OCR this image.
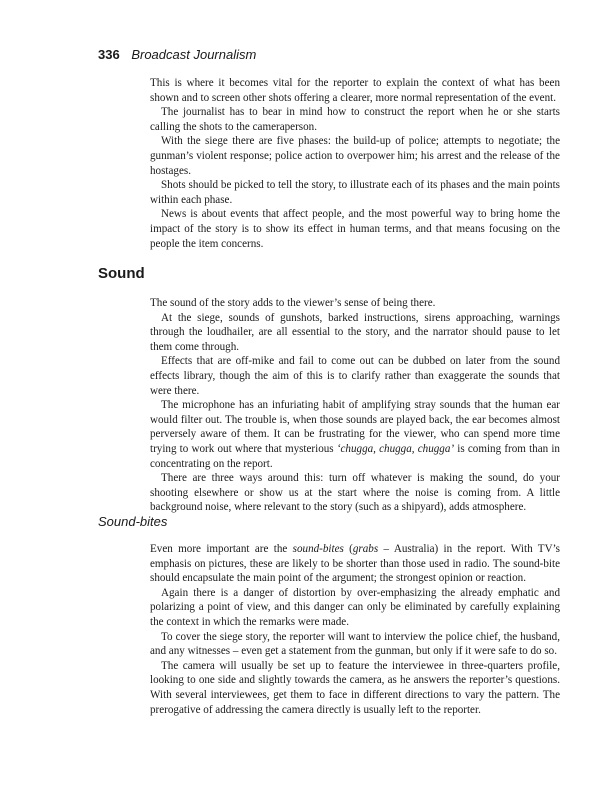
336 Broadcast Journalism

This is where it becomes vital for the reporter to explain the context of what has been shown and to screen other shots offering a clearer, more normal representation of the event.

The journalist has to bear in mind how to construct the report when he or she starts calling the shots to the cameraperson.

With the siege there are five phases: the build-up of police; attempts to negotiate; the gunman’s violent response; police action to overpower him; his arrest and the release of the hostages.

Shots should be picked to tell the story, to illustrate each of its phases and the main points within each phase.

News is about events that affect people, and the most powerful way to bring home the impact of the story is to show its effect in human terms, and that means focusing on the people the item concerns.

Sound

The sound of the story adds to the viewer’s sense of being there.

At the siege, sounds of gunshots, barked instructions, sirens approaching, warnings through the loudhailer, are all essential to the story, and the narrator should pause to let them come through.

Effects that are off-mike and fail to come out can be dubbed on later from the sound effects library, though the aim of this is to clarify rather than exaggerate the sounds that were there.

The microphone has an infuriating habit of amplifying stray sounds that the human ear would filter out. The trouble is, when those sounds are played back, the ear becomes almost perversely aware of them. It can be frustrating for the viewer, who can spend more time trying to work out where that mysterious ‘chugga, chugga, chugga’ is coming from than in concentrating on the report.

There are three ways around this: turn off whatever is making the sound, do your shooting elsewhere or show us at the start where the noise is coming from. A little background noise, where relevant to the story (such as a shipyard), adds atmosphere.

Sound-bites

Even more important are the sound-bites (grabs – Australia) in the report. With TV’s emphasis on pictures, these are likely to be shorter than those used in radio. The sound-bite should encapsulate the main point of the argument; the strongest opinion or reaction.

Again there is a danger of distortion by over-emphasizing the already emphatic and polarizing a point of view, and this danger can only be eliminated by carefully explaining the context in which the remarks were made.

To cover the siege story, the reporter will want to interview the police chief, the husband, and any witnesses – even get a statement from the gunman, but only if it were safe to do so.

The camera will usually be set up to feature the interviewee in three-quarters profile, looking to one side and slightly towards the camera, as he answers the reporter’s questions. With several interviewees, get them to face in different directions to vary the pattern. The prerogative of addressing the camera directly is usually left to the reporter.
